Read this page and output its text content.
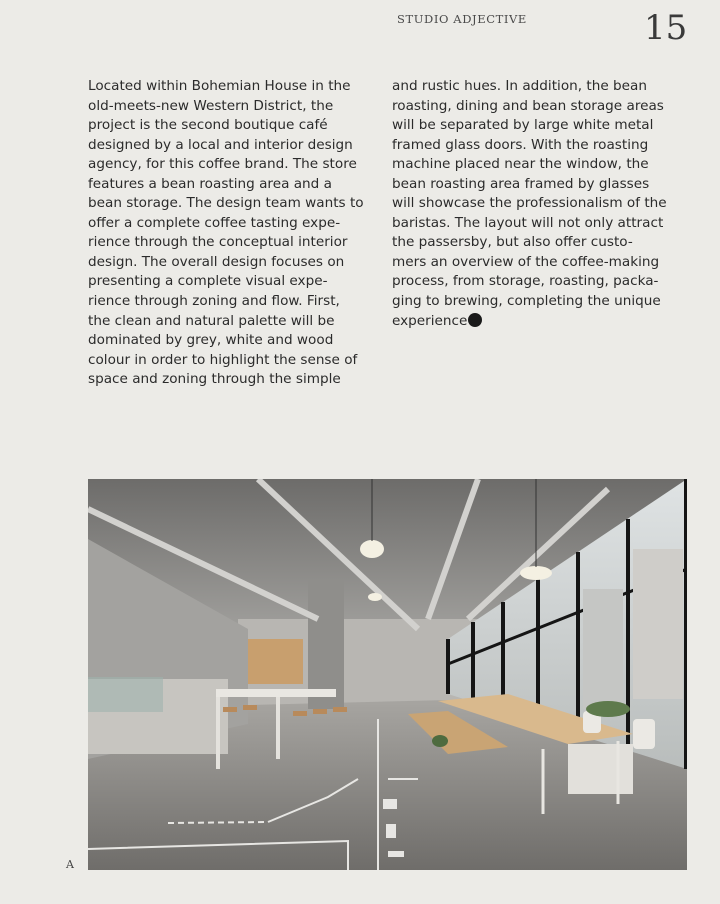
STUDIO ADJECTIVE	15
Located within Bohemian House in the
old-meets-new Western District, the
project is the second boutique café
designed by a local and interior design
agency, for this coffee brand. The store
features a bean roasting area and a
bean storage. The design team wants to
offer a complete coffee tasting expe-
rience through the conceptual interior
design. The overall design focuses on
presenting a complete visual expe-
rience through zoning and flow. First,
the clean and natural palette will be
dominated by grey, white and wood
colour in order to highlight the sense of
space and zoning through the simple
and rustic hues. In addition, the bean
roasting, dining and bean storage areas
will be separated by large white metal
framed glass doors. With the roasting
machine placed near the window, the
bean roasting area framed by glasses
will showcase the professionalism of the
baristas. The layout will not only attract
the passersby, but also offer custo-
mers an overview of the coffee-making
process, from storage, roasting, packa-
ging to brewing, completing the unique
experience
A
